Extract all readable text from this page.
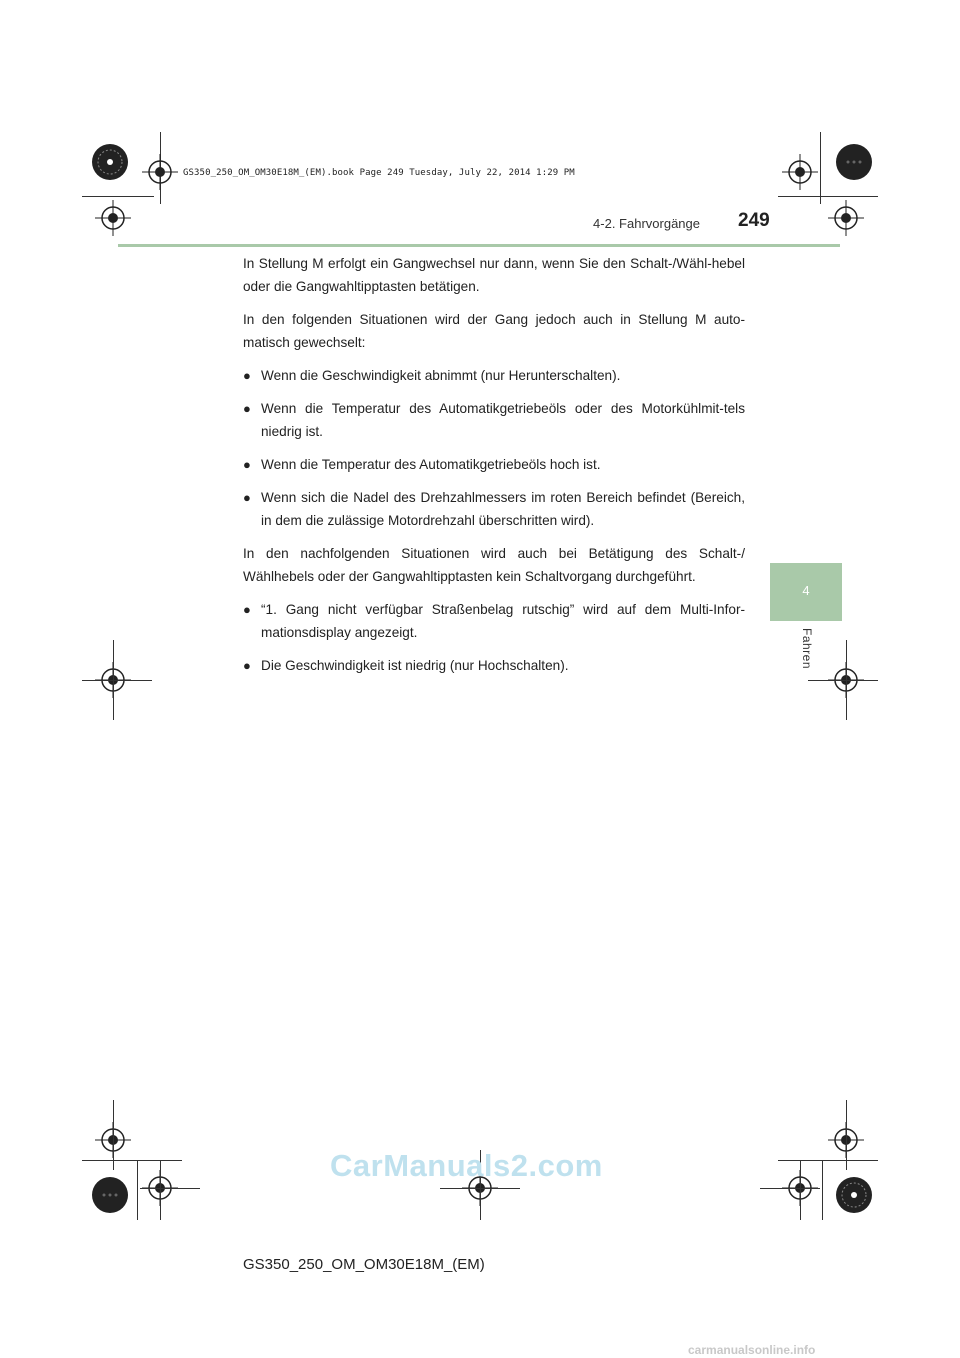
GS350_250_OM_OM30E18M_(EM).book Page 249 Tuesday, July 22, 2014 1:29 PM
4-2. Fahrvorgänge 249
4
Fahren

In Stellung M erfolgt ein Gangwechsel nur dann, wenn Sie den Schalt-/Wähl-hebel oder die Gangwahltipptasten betätigen.

In den folgenden Situationen wird der Gang jedoch auch in Stellung M auto-matisch gewechselt:

● Wenn die Geschwindigkeit abnimmt (nur Herunterschalten).
● Wenn die Temperatur des Automatikgetriebeöls oder des Motorkühlmit-tels niedrig ist.
● Wenn die Temperatur des Automatikgetriebeöls hoch ist.
● Wenn sich die Nadel des Drehzahlmessers im roten Bereich befindet (Bereich, in dem die zulässige Motordrehzahl überschritten wird).

In den nachfolgenden Situationen wird auch bei Betätigung des Schalt-/ Wählhebels oder der Gangwahltipptasten kein Schaltvorgang durchgeführt.

● “1. Gang nicht verfügbar Straßenbelag rutschig” wird auf dem Multi-Infor-mationsdisplay angezeigt.
● Die Geschwindigkeit ist niedrig (nur Hochschalten).
CarManuals2.com
GS350_250_OM_OM30E18M_(EM)
carmanualsonline.info
